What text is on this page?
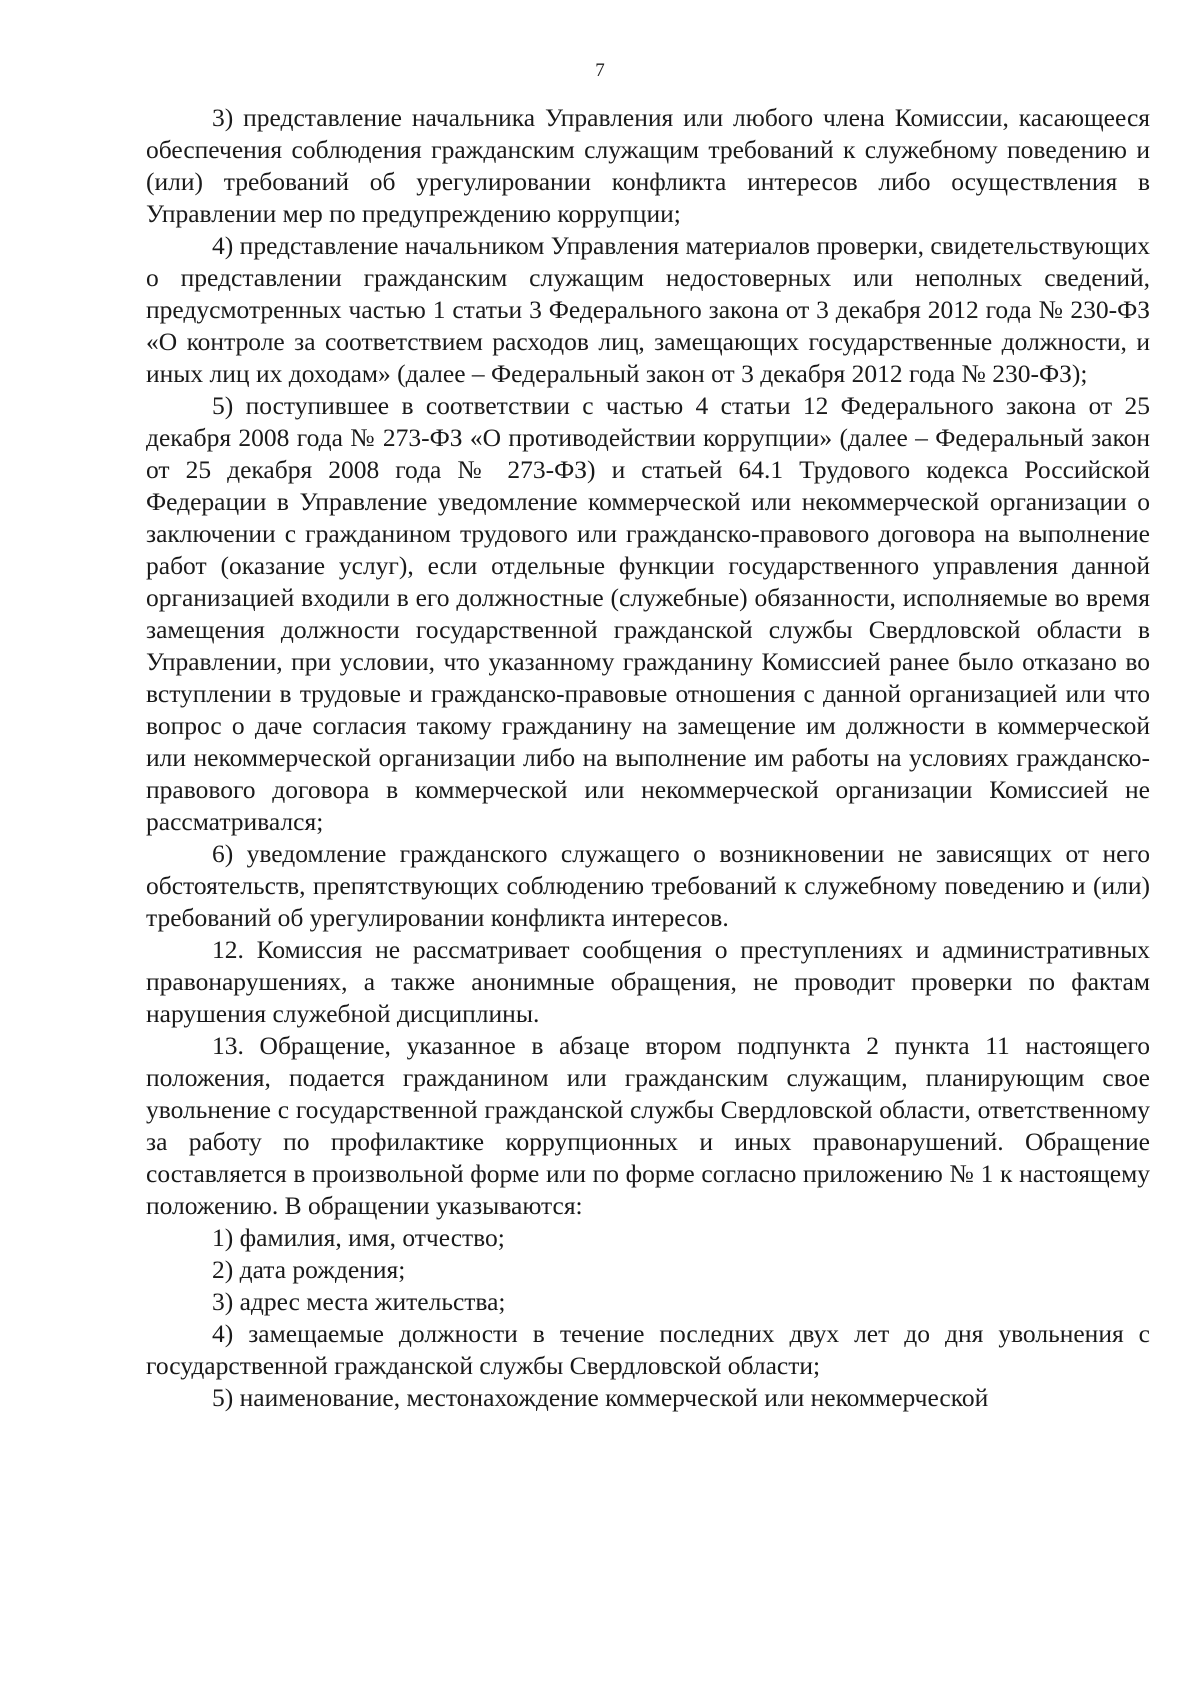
7

3) представление начальника Управления или любого члена Комиссии, касающееся обеспечения соблюдения гражданским служащим требований к служебному поведению и (или) требований об урегулировании конфликта интересов либо осуществления в Управлении мер по предупреждению коррупции;

4) представление начальником Управления материалов проверки, свидетельствующих о представлении гражданским служащим недостоверных или неполных сведений, предусмотренных частью 1 статьи 3 Федерального закона от 3 декабря 2012 года № 230-ФЗ «О контроле за соответствием расходов лиц, замещающих государственные должности, и иных лиц их доходам» (далее – Федеральный закон от 3 декабря 2012 года № 230-ФЗ);

5) поступившее в соответствии с частью 4 статьи 12 Федерального закона от 25 декабря 2008 года № 273-ФЗ «О противодействии коррупции» (далее – Федеральный закон от 25 декабря 2008 года № 273-ФЗ) и статьей 64.1 Трудового кодекса Российской Федерации в Управление уведомление коммерческой или некоммерческой организации о заключении с гражданином трудового или гражданско-правового договора на выполнение работ (оказание услуг), если отдельные функции государственного управления данной организацией входили в его должностные (служебные) обязанности, исполняемые во время замещения должности государственной гражданской службы Свердловской области в Управлении, при условии, что указанному гражданину Комиссией ранее было отказано во вступлении в трудовые и гражданско-правовые отношения с данной организацией или что вопрос о даче согласия такому гражданину на замещение им должности в коммерческой или некоммерческой организации либо на выполнение им работы на условиях гражданско-правового договора в коммерческой или некоммерческой организации Комиссией не рассматривался;

6) уведомление гражданского служащего о возникновении не зависящих от него обстоятельств, препятствующих соблюдению требований к служебному поведению и (или) требований об урегулировании конфликта интересов.

12. Комиссия не рассматривает сообщения о преступлениях и административных правонарушениях, а также анонимные обращения, не проводит проверки по фактам нарушения служебной дисциплины.

13. Обращение, указанное в абзаце втором подпункта 2 пункта 11 настоящего положения, подается гражданином или гражданским служащим, планирующим свое увольнение с государственной гражданской службы Свердловской области, ответственному за работу по профилактике коррупционных и иных правонарушений. Обращение составляется в произвольной форме или по форме согласно приложению № 1 к настоящему положению. В обращении указываются:

1) фамилия, имя, отчество;

2) дата рождения;

3) адрес места жительства;

4) замещаемые должности в течение последних двух лет до дня увольнения с государственной гражданской службы Свердловской области;

5) наименование, местонахождение коммерческой или некоммерческой
